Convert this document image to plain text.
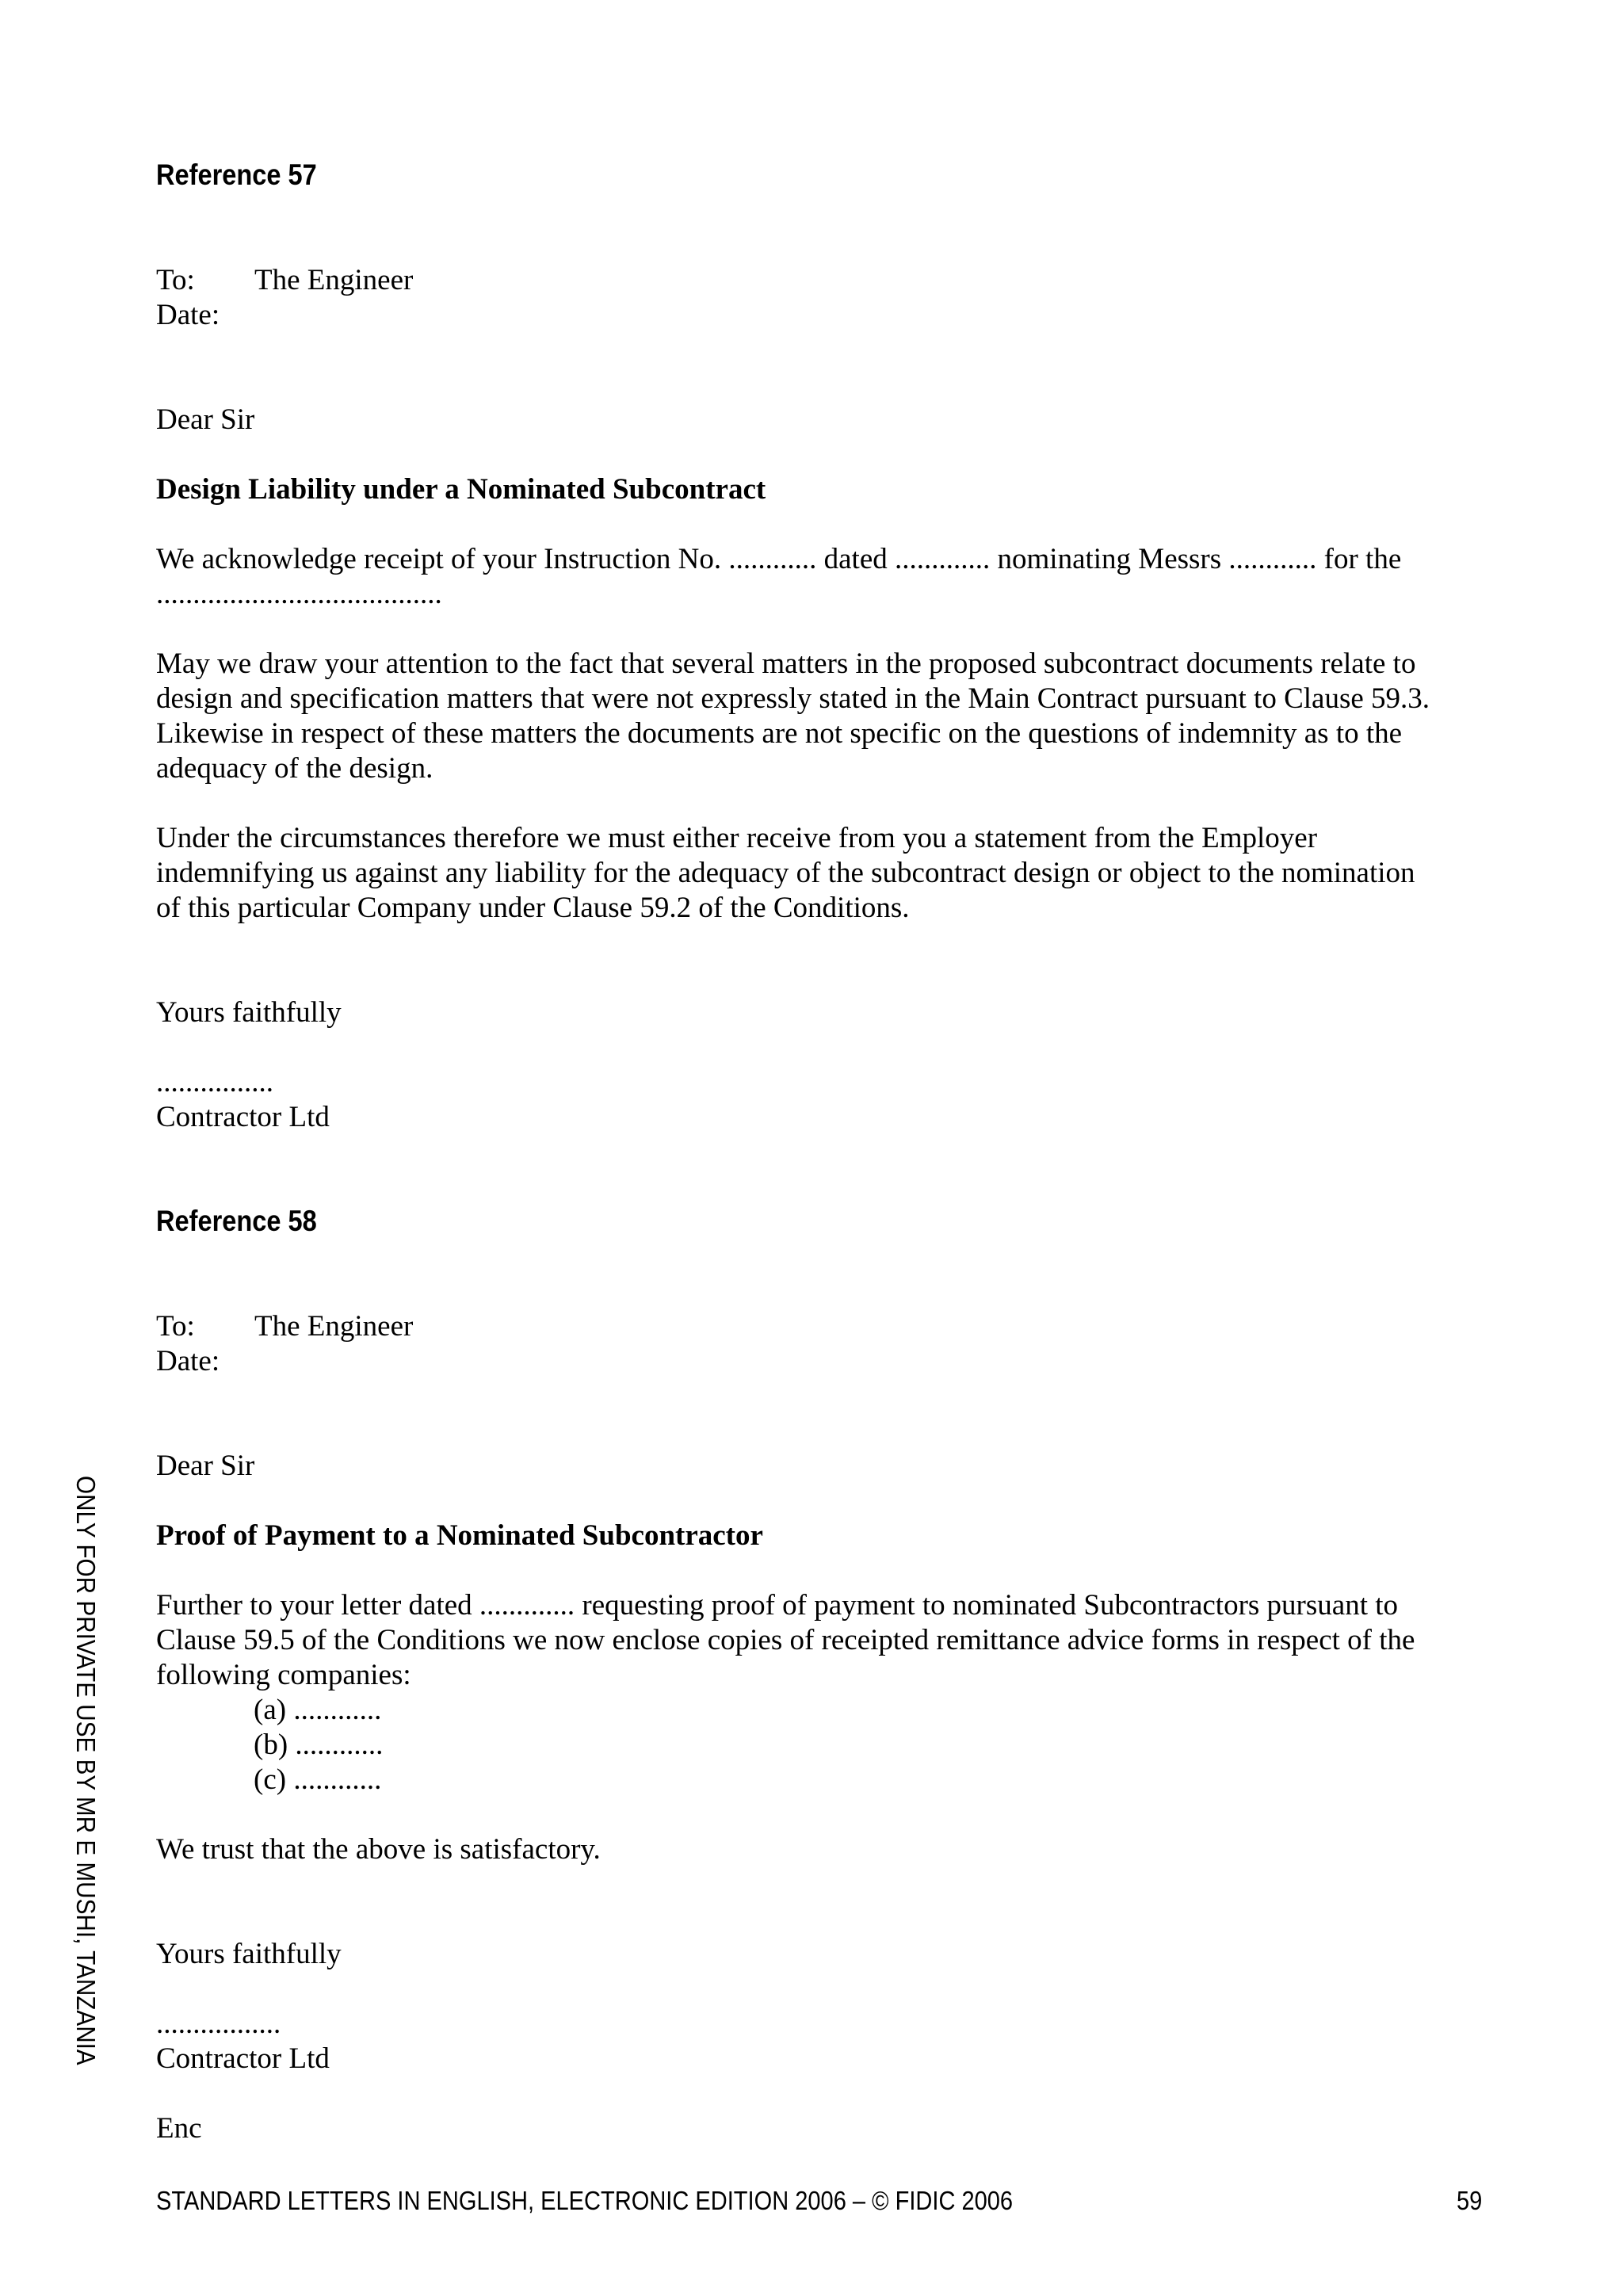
Reference 57
To: The Engineer
Date:
Dear Sir
Design Liability under a Nominated Subcontract
We acknowledge receipt of your Instruction No. ............ dated ............. nominating Messrs ............ for the
.......................................
May we draw your attention to the fact that several matters in the proposed subcontract documents relate to
design and specification matters that were not expressly stated in the Main Contract pursuant to Clause 59.3.
Likewise in respect of these matters the documents are not specific on the questions of indemnity as to the
adequacy of the design.
Under the circumstances therefore we must either receive from you a statement from the Employer
indemnifying us against any liability for the adequacy of the subcontract design or object to the nomination
of this particular Company under Clause 59.2 of the Conditions.
Yours faithfully
................
Contractor Ltd
Reference 58
To: The Engineer
Date:
Dear Sir
Proof of Payment to a Nominated Subcontractor
Further to your letter dated ............. requesting proof of payment to nominated Subcontractors pursuant to
Clause 59.5 of the Conditions we now enclose copies of receipted remittance advice forms in respect of the
following companies:
(a) ............
(b) ............
(c) ............
We trust that the above is satisfactory.
Yours faithfully
.................
Contractor Ltd
Enc
STANDARD LETTERS IN ENGLISH, ELECTRONIC EDITION 2006 – © FIDIC 2006	59
ONLY FOR PRIVATE USE BY MR E MUSHI, TANZANIA
